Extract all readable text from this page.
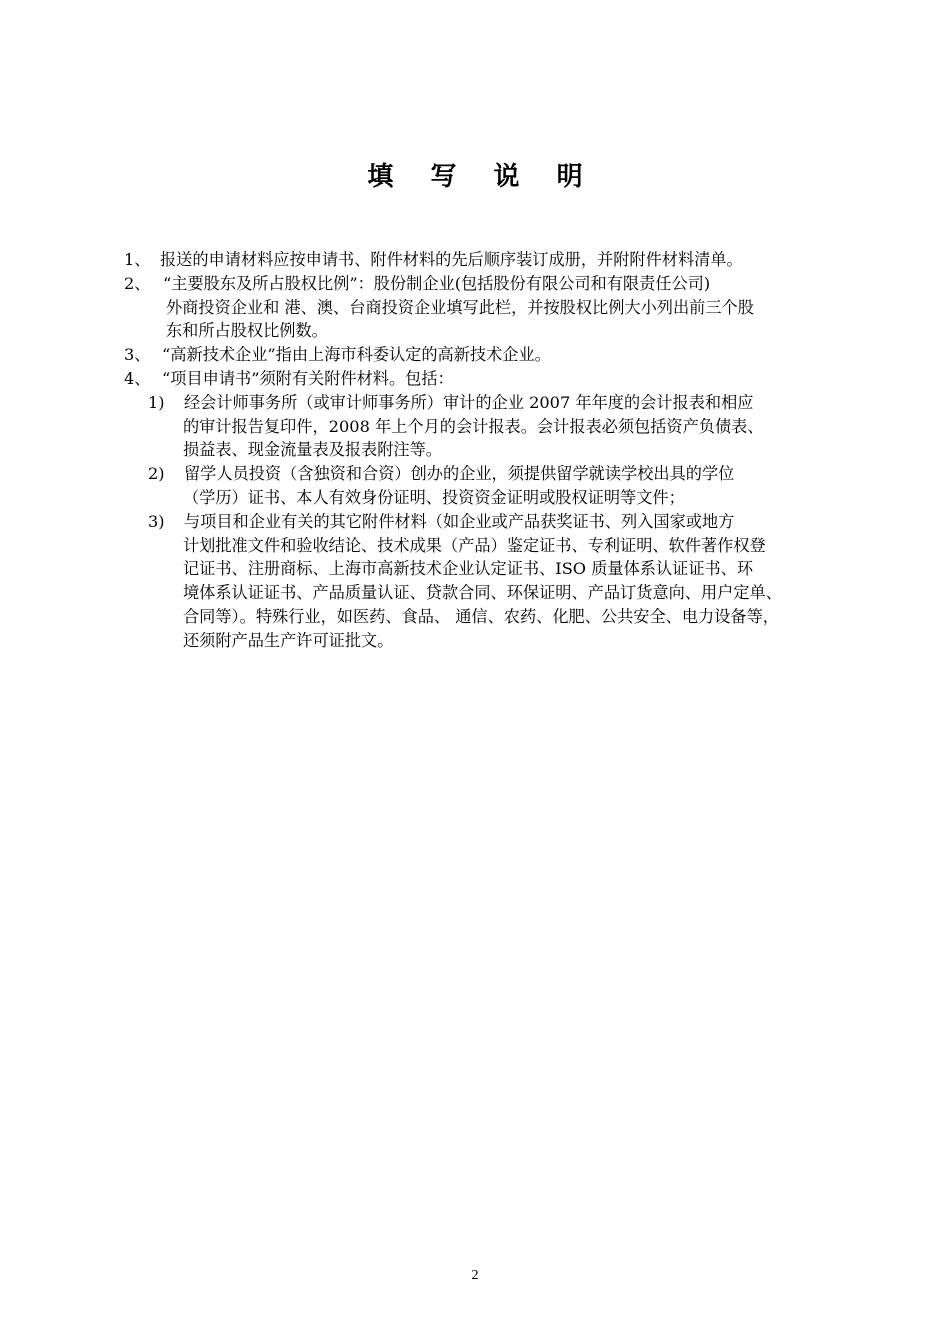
填 写 说 明
1、 报送的申请材料应按申请书、附件材料的先后顺序装订成册，并附附件材料清单。
2、 “主要股东及所占股权比例”：股份制企业(包括股份有限公司和有限责任公司)
外商投资企业和 港、澳、台商投资企业填写此栏，并按股权比例大小列出前三个股
东和所占股权比例数。
3、 “高新技术企业”指由上海市科委认定的高新技术企业。
4、 “项目申请书”须附有关附件材料。包括：
1)	经会计师事务所（或审计师事务所）审计的企业 2007 年年度的会计报表和相应
的审计报告复印件，2008 年上个月的会计报表。会计报表必须包括资产负债表、
损益表、现金流量表及报表附注等。
2)	留学人员投资（含独资和合资）创办的企业，须提供留学就读学校出具的学位
（学历）证书、本人有效身份证明、投资资金证明或股权证明等文件；
3)	与项目和企业有关的其它附件材料（如企业或产品获奖证书、列入国家或地方
计划批准文件和验收结论、技术成果（产品）鉴定证书、专利证明、软件著作权登
记证书、注册商标、上海市高新技术企业认定证书、ISO 质量体系认证证书、环
境体系认证证书、产品质量认证、贷款合同、环保证明、产品订货意向、用户定单、
合同等）。特殊行业，如医药、食品、 通信、农药、化肥、公共安全、电力设备等，
还须附产品生产许可证批文。
2
